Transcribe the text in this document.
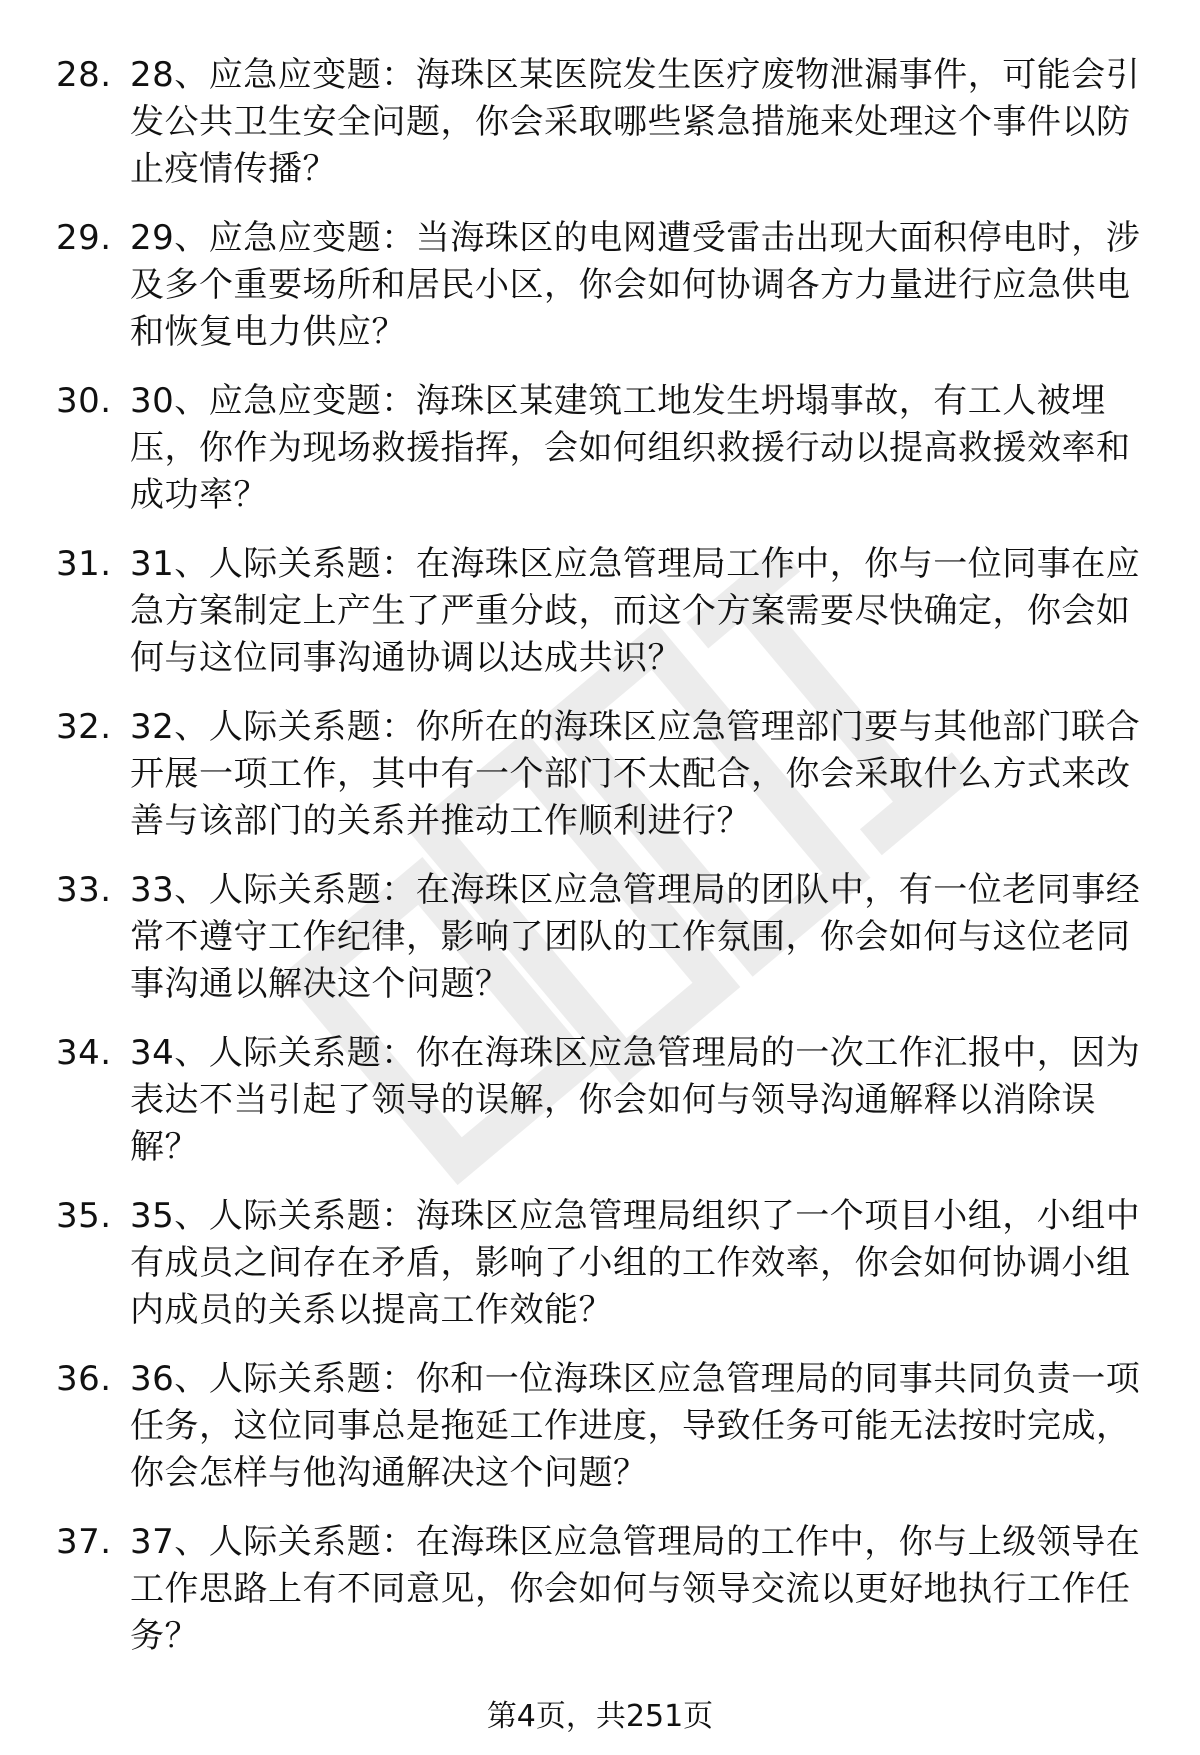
28. 28、应急应变题：海珠区某医院发生医疗废物泄漏事件，可能会引发公共卫生安全问题，你会采取哪些紧急措施来处理这个事件以防止疫情传播？
29. 29、应急应变题：当海珠区的电网遭受雷击出现大面积停电时，涉及多个重要场所和居民小区，你会如何协调各方力量进行应急供电和恢复电力供应？
30. 30、应急应变题：海珠区某建筑工地发生坍塌事故，有工人被埋压，你作为现场救援指挥，会如何组织救援行动以提高救援效率和成功率？
31. 31、人际关系题：在海珠区应急管理局工作中，你与一位同事在应急方案制定上产生了严重分歧，而这个方案需要尽快确定，你会如何与这位同事沟通协调以达成共识？
32. 32、人际关系题：你所在的海珠区应急管理部门要与其他部门联合开展一项工作，其中有一个部门不太配合，你会采取什么方式来改善与该部门的关系并推动工作顺利进行？
33. 33、人际关系题：在海珠区应急管理局的团队中，有一位老同事经常不遵守工作纪律，影响了团队的工作氛围，你会如何与这位老同事沟通以解决这个问题？
34. 34、人际关系题：你在海珠区应急管理局的一次工作汇报中，因为表达不当引起了领导的误解，你会如何与领导沟通解释以消除误解？
35. 35、人际关系题：海珠区应急管理局组织了一个项目小组，小组中有成员之间存在矛盾，影响了小组的工作效率，你会如何协调小组内成员的关系以提高工作效能？
36. 36、人际关系题：你和一位海珠区应急管理局的同事共同负责一项任务，这位同事总是拖延工作进度，导致任务可能无法按时完成，你会怎样与他沟通解决这个问题？
37. 37、人际关系题：在海珠区应急管理局的工作中，你与上级领导在工作思路上有不同意见，你会如何与领导交流以更好地执行工作任务？
第4页，共251页
